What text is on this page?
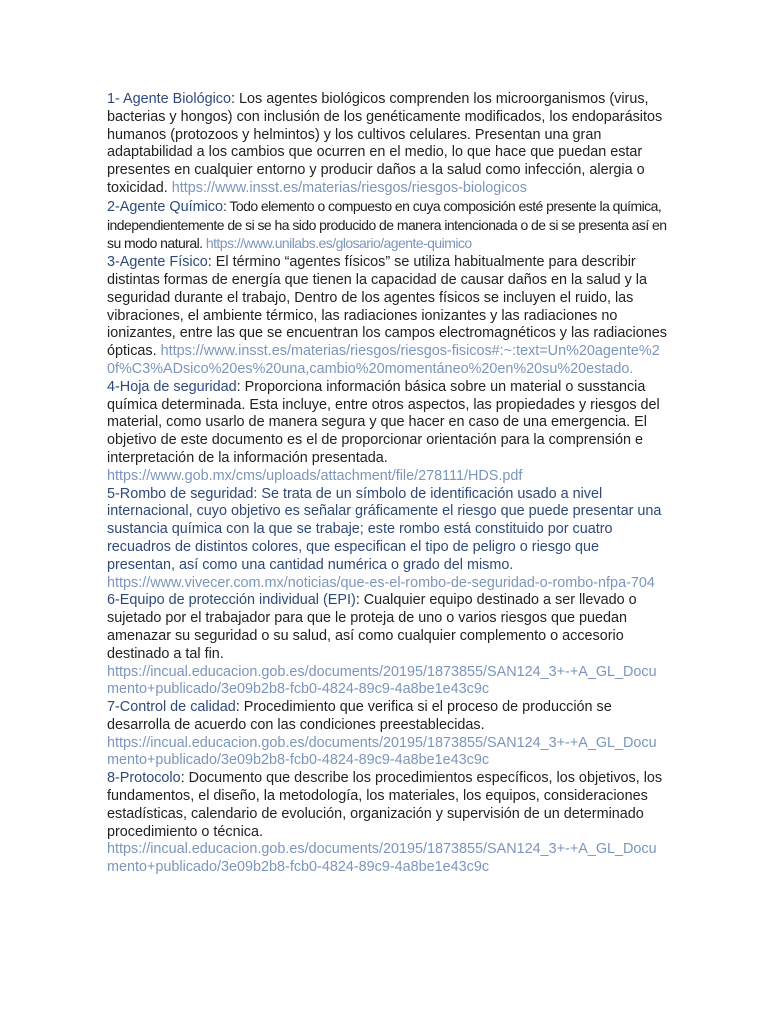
1- Agente Biológico: Los agentes biológicos comprenden los microorganismos (virus, bacterias y hongos) con inclusión de los genéticamente modificados, los endoparásitos humanos (protozoos y helmintos) y los cultivos celulares. Presentan una gran adaptabilidad a los cambios que ocurren en el medio, lo que hace que puedan estar presentes en cualquier entorno y producir daños a la salud como infección, alergia o toxicidad. https://www.insst.es/materias/riesgos/riesgos-biologicos

2-Agente Químico: Todo elemento o compuesto en cuya composición esté presente la química, independientemente de si se ha sido producido de manera intencionada o de si se presenta así en su modo natural. https://www.unilabs.es/glosario/agente-quimico

3-Agente Físico: El término “agentes físicos” se utiliza habitualmente para describir distintas formas de energía que tienen la capacidad de causar daños en la salud y la seguridad durante el trabajo, Dentro de los agentes físicos se incluyen el ruido, las vibraciones, el ambiente térmico, las radiaciones ionizantes y las radiaciones no ionizantes, entre las que se encuentran los campos electromagnéticos y las radiaciones ópticas. https://www.insst.es/materias/riesgos/riesgos-fisicos#:~:text=Un%20agente%20f%C3%ADsico%20es%20una,cambio%20momentáneo%20en%20su%20estado.

4-Hoja de seguridad: Proporciona información básica sobre un material o susstancia química determinada. Esta incluye, entre otros aspectos, las propiedades y riesgos del material, como usarlo de manera segura y que hacer en caso de una emergencia. El objetivo de este documento es el de proporcionar orientación para la comprensión e interpretación de la información presentada.
https://www.gob.mx/cms/uploads/attachment/file/278111/HDS.pdf

5-Rombo de seguridad: Se trata de un símbolo de identificación usado a nivel internacional, cuyo objetivo es señalar gráficamente el riesgo que puede presentar una sustancia química con la que se trabaje; este rombo está constituido por cuatro recuadros de distintos colores, que especifican el tipo de peligro o riesgo que presentan, así como una cantidad numérica o grado del mismo.
https://www.vivecer.com.mx/noticias/que-es-el-rombo-de-seguridad-o-rombo-nfpa-704

6-Equipo de protección individual (EPI): Cualquier equipo destinado a ser llevado o sujetado por el trabajador para que le proteja de uno o varios riesgos que puedan amenazar su seguridad o su salud, así como cualquier complemento o accesorio destinado a tal fin.
https://incual.educacion.gob.es/documents/20195/1873855/SAN124_3+-+A_GL_Documento+publicado/3e09b2b8-fcb0-4824-89c9-4a8be1e43c9c

7-Control de calidad: Procedimiento que verifica si el proceso de producción se desarrolla de acuerdo con las condiciones preestablecidas.
https://incual.educacion.gob.es/documents/20195/1873855/SAN124_3+-+A_GL_Documento+publicado/3e09b2b8-fcb0-4824-89c9-4a8be1e43c9c

8-Protocolo: Documento que describe los procedimientos específicos, los objetivos, los fundamentos, el diseño, la metodología, los materiales, los equipos, consideraciones estadísticas, calendario de evolución, organización y supervisión de un determinado procedimiento o técnica.
https://incual.educacion.gob.es/documents/20195/1873855/SAN124_3+-+A_GL_Documento+publicado/3e09b2b8-fcb0-4824-89c9-4a8be1e43c9c
